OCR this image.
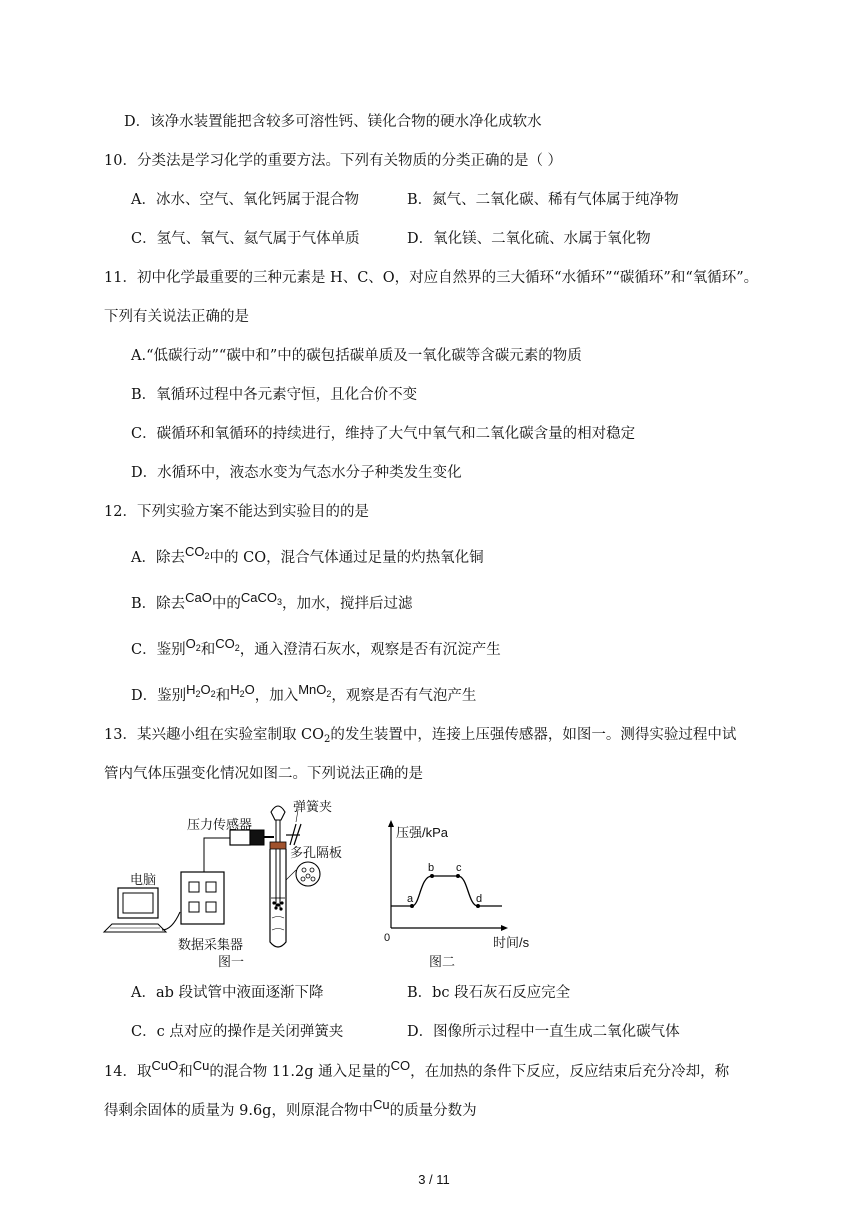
D．该净水装置能把含较多可溶性钙、镁化合物的硬水净化成软水
10．分类法是学习化学的重要方法。下列有关物质的分类正确的是（ ）
A．冰水、空气、氧化钙属于混合物	B．氮气、二氧化碳、稀有气体属于纯净物
C．氢气、氧气、氦气属于气体单质	D．氧化镁、二氧化硫、水属于氧化物
11．初中化学最重要的三种元素是 H、C、O，对应自然界的三大循环“水循环”“碳循环”和“氧循环”。
下列有关说法正确的是
A.“低碳行动”“碳中和”中的碳包括碳单质及一氧化碳等含碳元素的物质
B．氧循环过程中各元素守恒，且化合价不变
C．碳循环和氧循环的持续进行，维持了大气中氧气和二氧化碳含量的相对稳定
D．水循环中，液态水变为气态水分子种类发生变化
12．下列实验方案不能达到实验目的的是
A．除去$CO_2$中的 CO，混合气体通过足量的灼热氧化铜
B．除去CaO中的CaCO$_3$，加水，搅拌后过滤
C．鉴别$O_2$和$CO_2$，通入澄清石灰水，观察是否有沉淀产生
D．鉴别$H_2O_2$和$H_2O$，加入MnO$_2$，观察是否有气泡产生
13．某兴趣小组在实验室制取 $CO_2$的发生装置中，连接上压强传感器，如图一。测得实验过程中试
管内气体压强变化情况如图二。下列说法正确的是
弹簧夹
压力传感器
多孔隔板
电脑
数据采集器
图一
压强/kPa
0	时间/s
a
b c
d
图二
A．ab 段试管中液面逐渐下降	B．bc 段石灰石反应完全
C．c 点对应的操作是关闭弹簧夹	D．图像所示过程中一直生成二氧化碳气体
14．取CuO和Cu的混合物 11.2g 通入足量的CO，在加热的条件下反应，反应结束后充分冷却，称
得剩余固体的质量为 9.6g，则原混合物中Cu的质量分数为
3 / 11
